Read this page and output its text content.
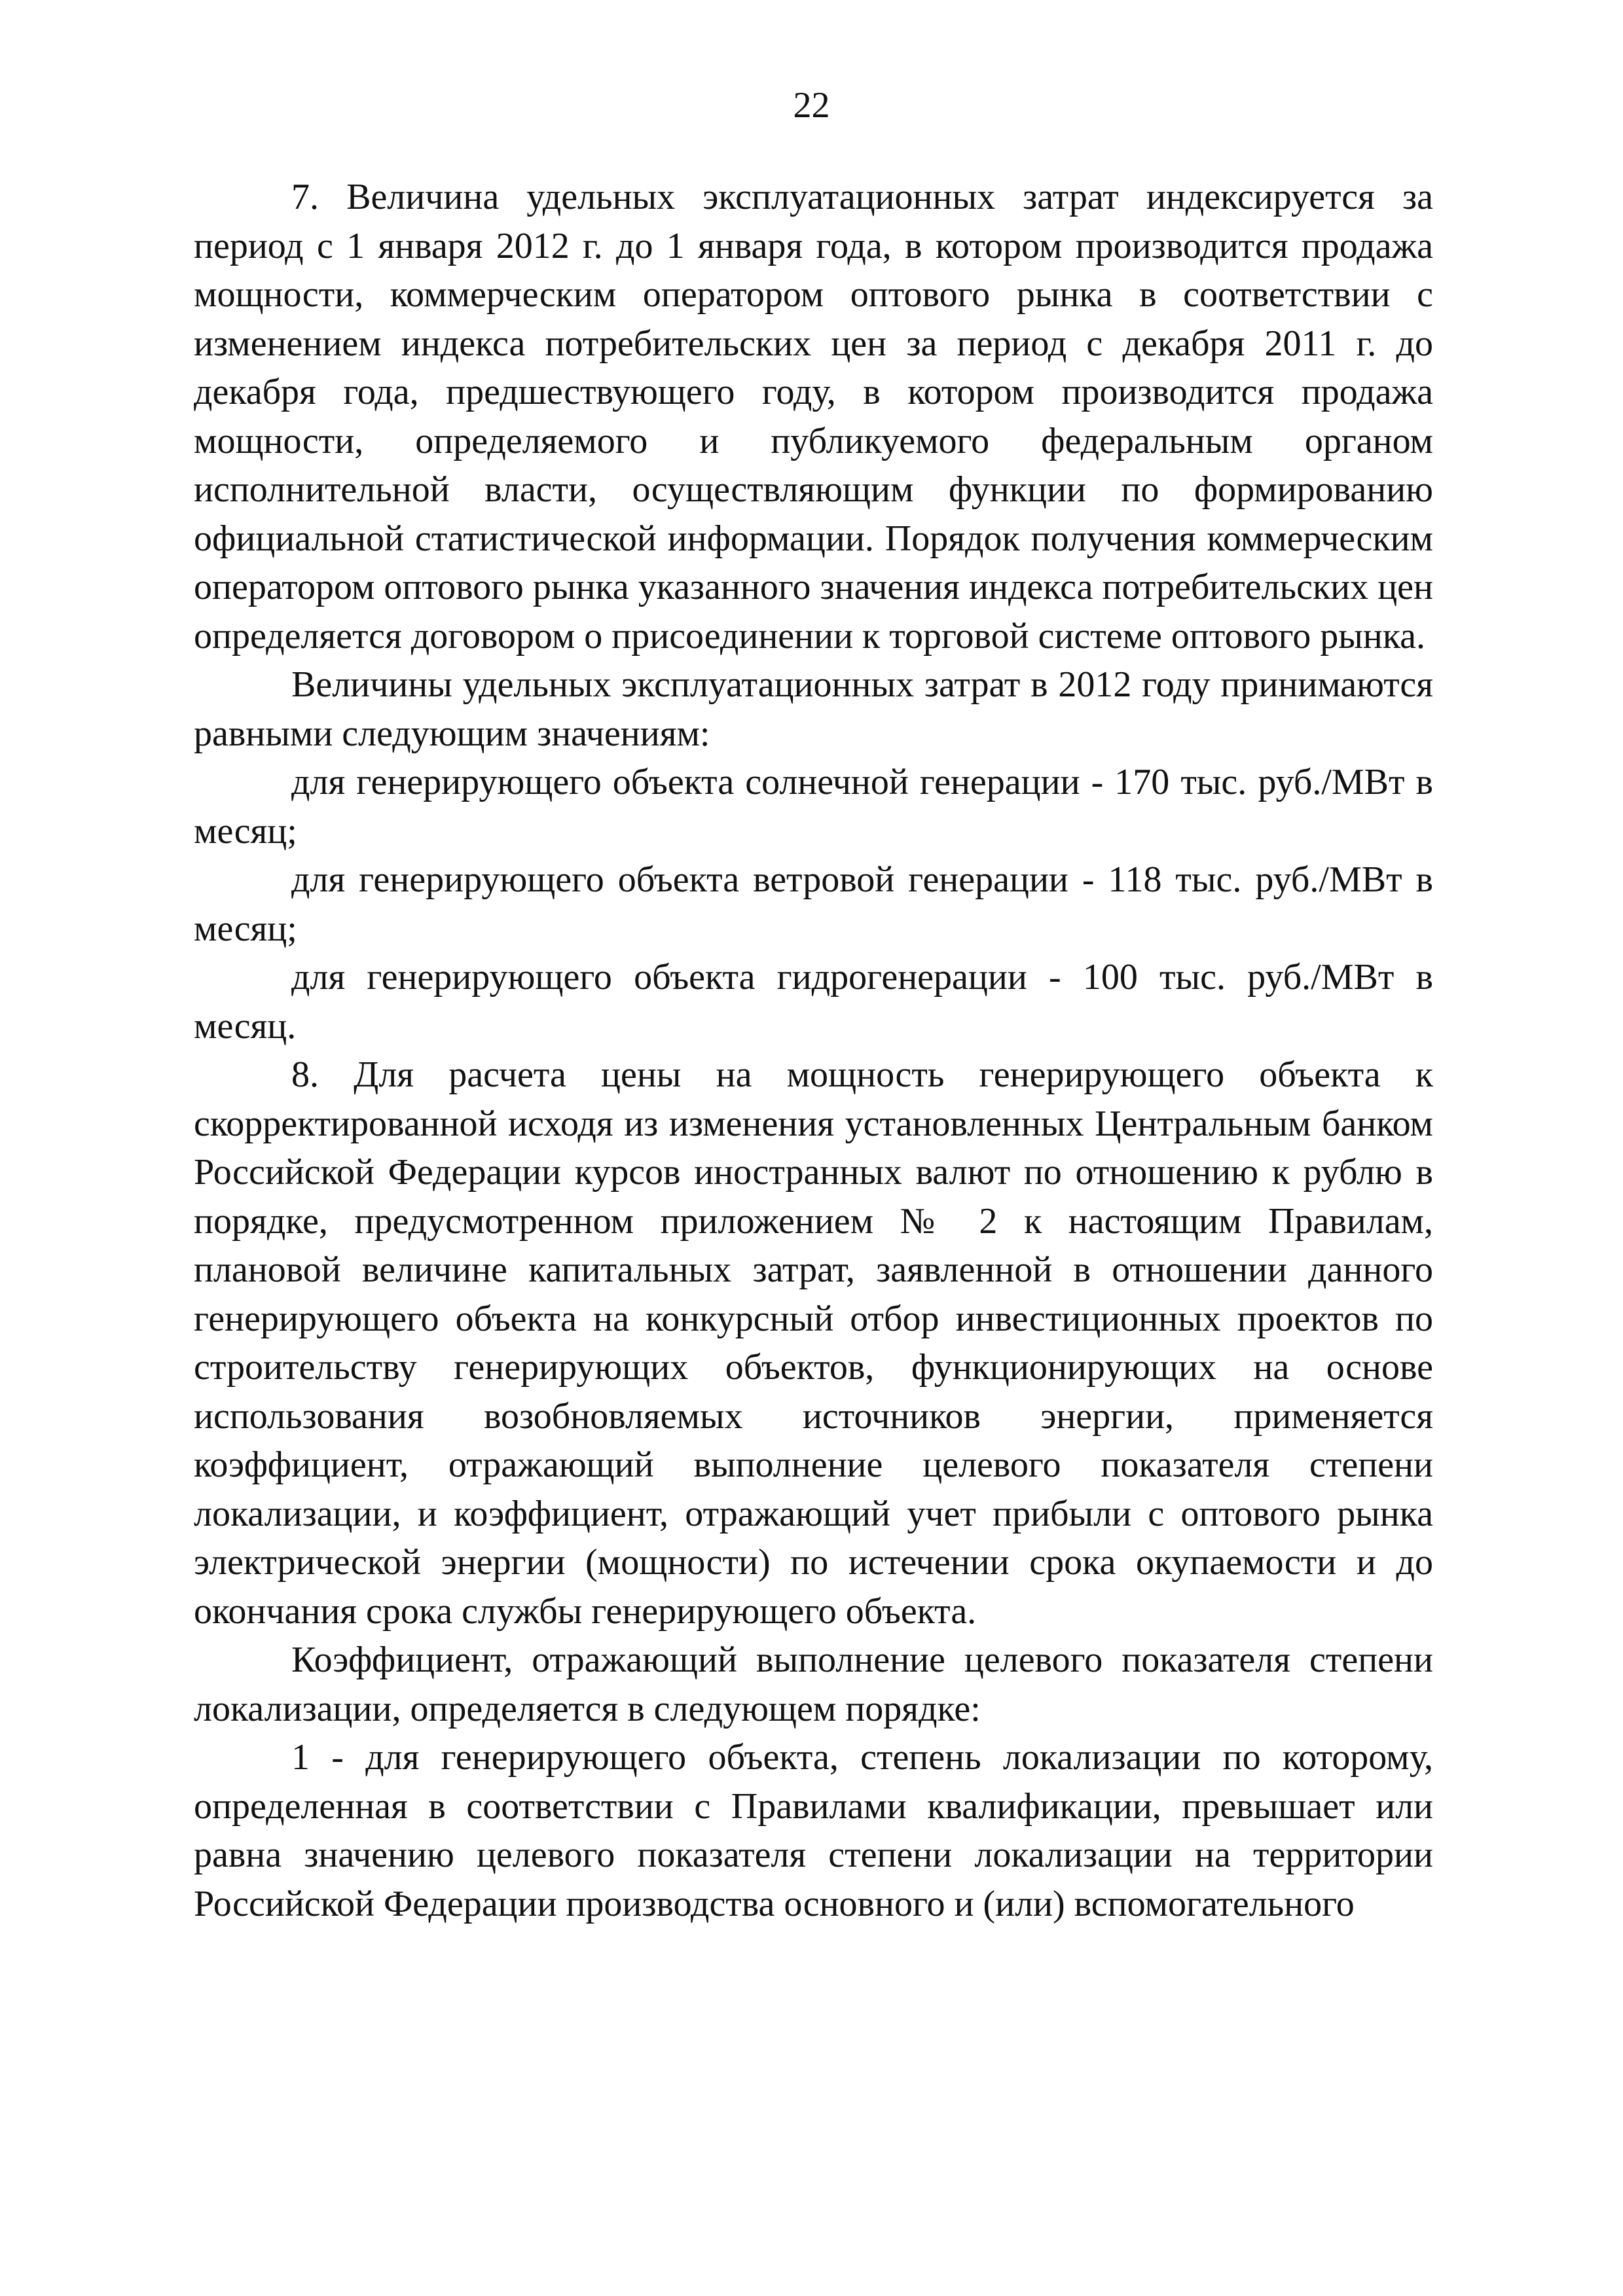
22

7. Величина удельных эксплуатационных затрат индексируется за период с 1 января 2012 г. до 1 января года, в котором производится продажа мощности, коммерческим оператором оптового рынка в соответствии с изменением индекса потребительских цен за период с декабря 2011 г. до декабря года, предшествующего году, в котором производится продажа мощности, определяемого и публикуемого федеральным органом исполнительной власти, осуществляющим функции по формированию официальной статистической информации. Порядок получения коммерческим оператором оптового рынка указанного значения индекса потребительских цен определяется договором о присоединении к торговой системе оптового рынка.

Величины удельных эксплуатационных затрат в 2012 году принимаются равными следующим значениям:

для генерирующего объекта солнечной генерации - 170 тыс. руб./МВт в месяц;

для генерирующего объекта ветровой генерации - 118 тыс. руб./МВт в месяц;

для генерирующего объекта гидрогенерации - 100 тыс. руб./МВт в месяц.

8. Для расчета цены на мощность генерирующего объекта к скорректированной исходя из изменения установленных Центральным банком Российской Федерации курсов иностранных валют по отношению к рублю в порядке, предусмотренном приложением № 2 к настоящим Правилам, плановой величине капитальных затрат, заявленной в отношении данного генерирующего объекта на конкурсный отбор инвестиционных проектов по строительству генерирующих объектов, функционирующих на основе использования возобновляемых источников энергии, применяется коэффициент, отражающий выполнение целевого показателя степени локализации, и коэффициент, отражающий учет прибыли с оптового рынка электрической энергии (мощности) по истечении срока окупаемости и до окончания срока службы генерирующего объекта.

Коэффициент, отражающий выполнение целевого показателя степени локализации, определяется в следующем порядке:

1 - для генерирующего объекта, степень локализации по которому, определенная в соответствии с Правилами квалификации, превышает или равна значению целевого показателя степени локализации на территории Российской Федерации производства основного и (или) вспомогательного
